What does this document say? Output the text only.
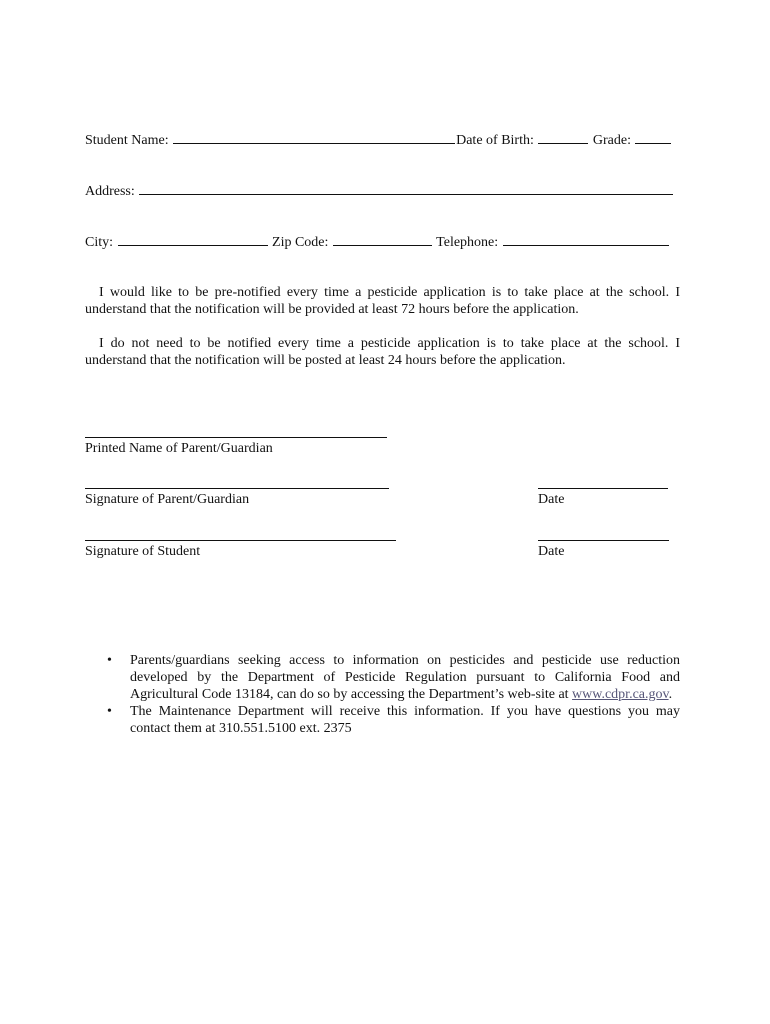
Student Name:	Date of Birth:	Grade:
Address:
City:	Zip Code:	Telephone:

I would like to be pre-notified every time a pesticide application is to take place at the school. I understand that the notification will be provided at least 72 hours before the application.

I do not need to be notified every time a pesticide application is to take place at the school. I understand that the notification will be posted at least 24 hours before the application.

Printed Name of Parent/Guardian
Signature of Parent/Guardian	Date
Signature of Student	Date
•	Parents/guardians seeking access to information on pesticides and pesticide use reduction developed by the Department of Pesticide Regulation pursuant to California Food and Agricultural Code 13184, can do so by accessing the Department’s web-site at www.cdpr.ca.gov.
•	The Maintenance Department will receive this information. If you have questions you may contact them at 310.551.5100 ext. 2375
